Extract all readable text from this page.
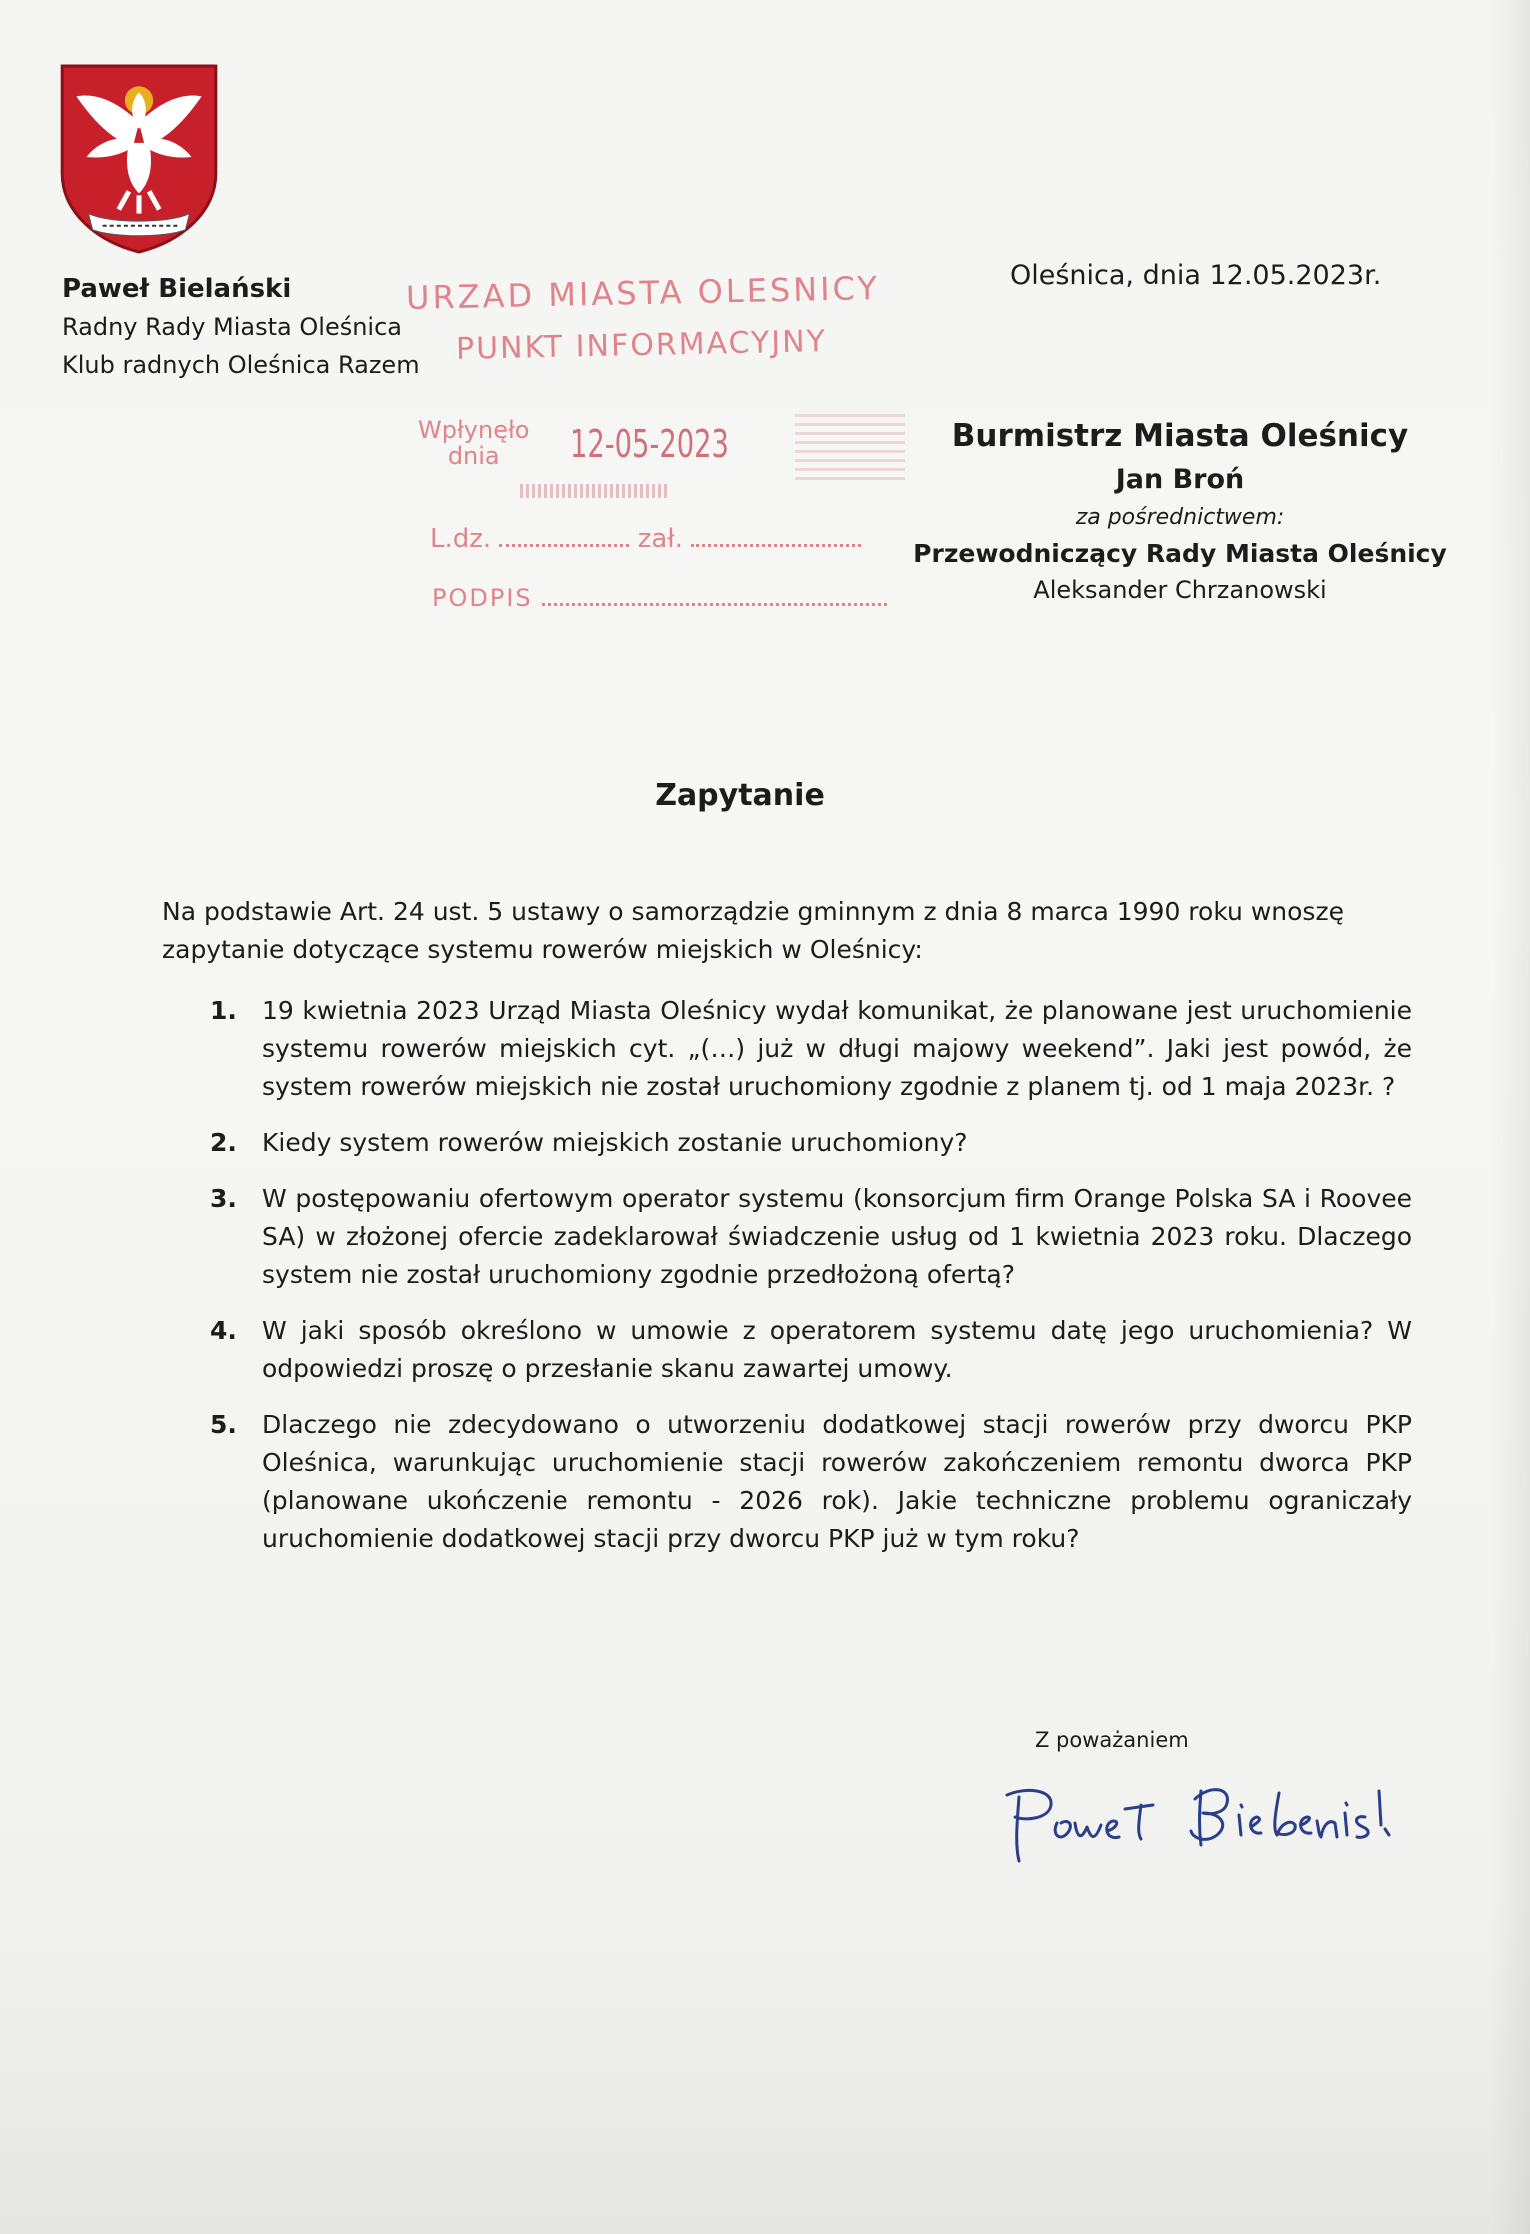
Paweł Bielański
Radny Rady Miasta Oleśnica
Klub radnych Oleśnica Razem
Oleśnica, dnia 12.05.2023r.
URZAD MIASTA OLESNICY
PUNKT INFORMACYJNY
Wpłynęło
dnia	12-05-2023
L.dz.	zał.
PODPIS
Burmistrz Miasta Oleśnicy
Jan Broń
za pośrednictwem:
Przewodniczący Rady Miasta Oleśnicy
Aleksander Chrzanowski
Zapytanie
Na podstawie Art. 24 ust. 5 ustawy o samorządzie gminnym z dnia 8 marca 1990 roku wnoszę zapytanie dotyczące systemu rowerów miejskich w Oleśnicy:
1. 19 kwietnia 2023 Urząd Miasta Oleśnicy wydał komunikat, że planowane jest uruchomienie systemu rowerów miejskich cyt. „(…) już w długi majowy weekend”. Jaki jest powód, że system rowerów miejskich nie został uruchomiony zgodnie z planem tj. od 1 maja 2023r. ?
2. Kiedy system rowerów miejskich zostanie uruchomiony?
3. W postępowaniu ofertowym operator systemu (konsorcjum firm Orange Polska SA i Roovee SA) w złożonej ofercie zadeklarował świadczenie usług od 1 kwietnia 2023 roku. Dlaczego system nie został uruchomiony zgodnie przedłożoną ofertą?
4. W jaki sposób określono w umowie z operatorem systemu datę jego uruchomienia? W odpowiedzi proszę o przesłanie skanu zawartej umowy.
5. Dlaczego nie zdecydowano o utworzeniu dodatkowej stacji rowerów przy dworcu PKP Oleśnica, warunkując uruchomienie stacji rowerów zakończeniem remontu dworca PKP (planowane ukończenie remontu - 2026 rok). Jakie techniczne problemu ograniczały uruchomienie dodatkowej stacji przy dworcu PKP już w tym roku?
Z poważaniem
